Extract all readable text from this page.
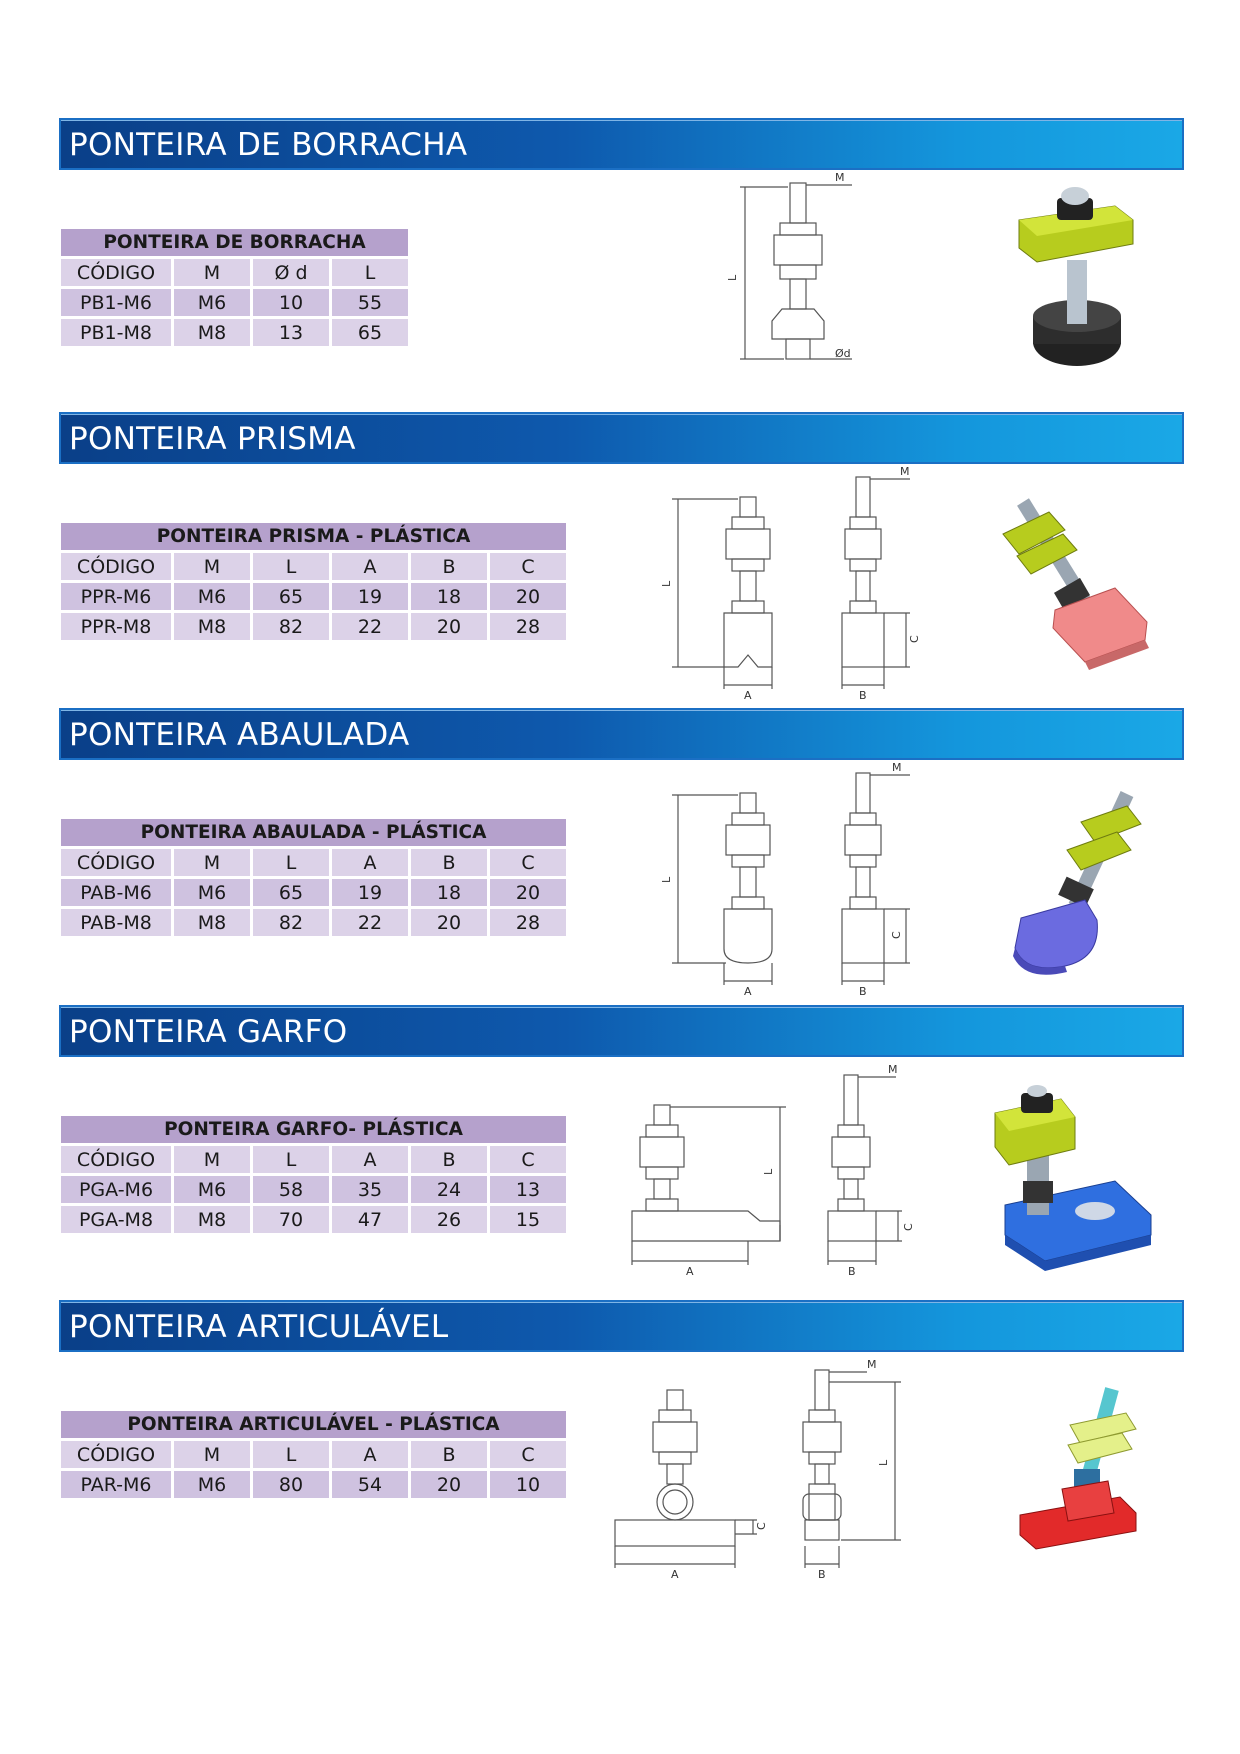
PONTEIRA DE BORRACHA
PONTEIRA DE BORRACHA			
CÓDIGO	M	Ø d	L
PB1-M6	M6	10	55
PB1-M8	M8	13	65
M
L
Ød
PONTEIRA PRISMA
PONTEIRA PRISMA - PLÁSTICA					
CÓDIGO	M	L	A	B	C
PPR-M6	M6	65	19	18	20
PPR-M8	M8	82	22	20	28
M
L
A	B
C
PONTEIRA ABAULADA
PONTEIRA ABAULADA - PLÁSTICA					
CÓDIGO	M	L	A	B	C
PAB-M6	M6	65	19	18	20
PAB-M8	M8	82	22	20	28
M
L
A	B
C
PONTEIRA GARFO
PONTEIRA GARFO- PLÁSTICA					
CÓDIGO	M	L	A	B	C
PGA-M6	M6	58	35	24	13
PGA-M8	M8	70	47	26	15
M
L
A	B
C
PONTEIRA ARTICULÁVEL
PONTEIRA ARTICULÁVEL - PLÁSTICA					
CÓDIGO	M	L	A	B	C
PAR-M6	M6	80	54	20	10
M
L
A	B
C
